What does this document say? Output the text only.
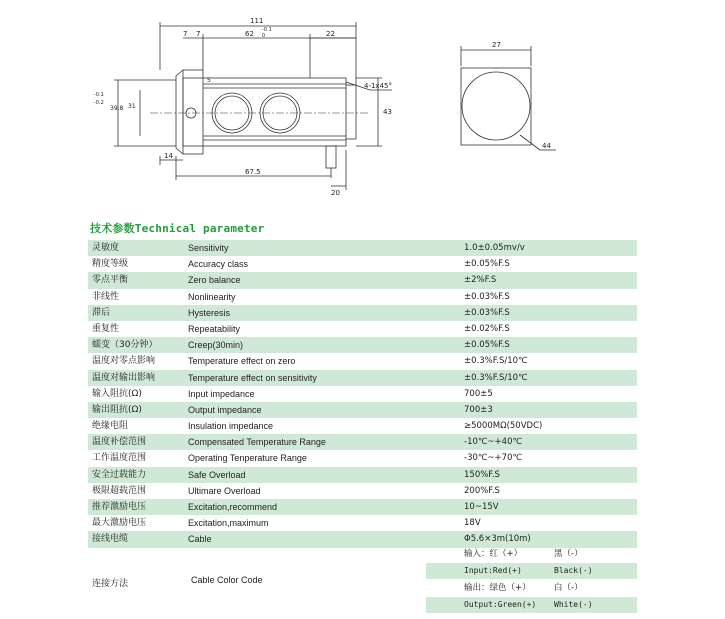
111
-0.1
0
62
7 7	22
4-1x45°
43
5
31
39.8
-0.1
-0.2
14
67.5
20
27
44
技术参数Technical parameter
灵敏度	Sensitivity	1.0±0.05mv/v
精度等级	Accuracy class	±0.05%F.S
零点平衡	Zero balance	±2%F.S
非线性	Nonlinearity	±0.03%F.S
滞后	Hysteresis	±0.03%F.S
重复性	Repeatability	±0.02%F.S
蠕变（30分钟）	Creep(30min)	±0.05%F.S
温度对零点影响	Temperature effect on zero	±0.3%F.S/10℃
温度对输出影响	Temperature effect on sensitivity	±0.3%F.S/10℃
输入阻抗(Ω)	Input impedance	700±5
输出阻抗(Ω)	Output impedance	700±3
绝缘电阻	Insulation impedance	≥5000MΩ(50VDC)
温度补偿范围	Compensated Temperature Range	-10℃~+40℃
工作温度范围	Operating Tenperature Range	-30℃~+70℃
安全过载能力	Safe Overload	150%F.S
极限超载范围	Ultimare Overload	200%F.S
推荐激励电压	Excitation,recommend	10~15V
最大激励电压	Excitation,maximum	18V
接线电缆	Cable	Φ5.6×3m(10m)
连接方法	Cable Color Code
输入：红（+）	黑（-）
Input:Red(+)	Black(-)
输出：绿色（+）	白（-）
Output:Green(+) White(-)
